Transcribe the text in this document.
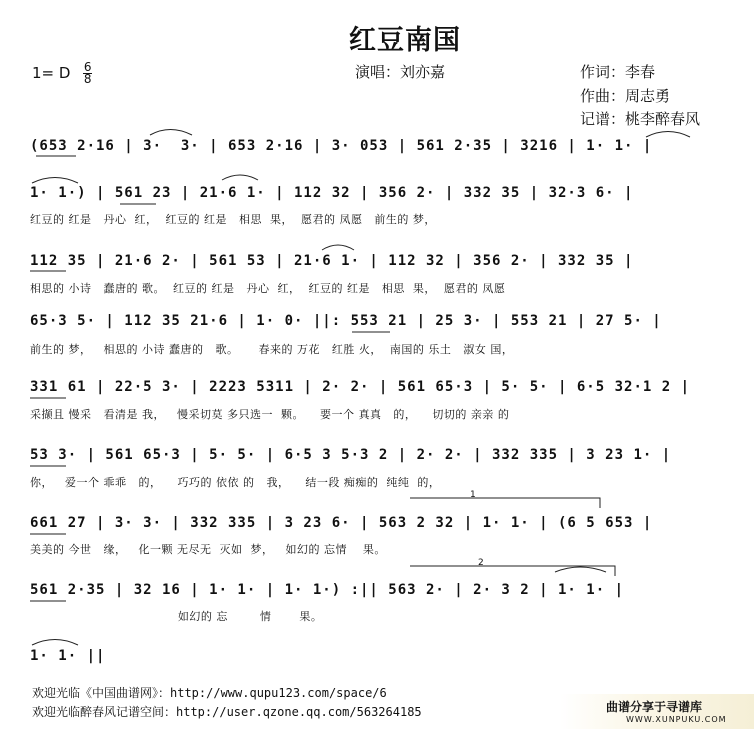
红豆南国
1= D $\frac{6}{8}$	演唱：刘亦嘉	作词：李春
作曲：周志勇
记谱：桃李醉春风
(653 2·16 | 3·  3· | 653 2·16 | 3· 053 | 561 2·35 | 3216 | 1· 1· |
1· 1·) | 561 23 | 21·6 1· | 112 32 | 356 2· | 332 35 | 32·3 6· |
红豆的 红是   丹心  红，  红豆的 红是   相思  果，  愿君的 凤愿   前生的 梦，
112 35 | 21·6 2· | 561 53 | 21·6 1· | 112 32 | 356 2· | 332 35 |
相思的 小诗   蠢唐的 歌。  红豆的 红是   丹心  红，  红豆的 红是   相思  果，  愿君的 凤愿
65·3 5· | 112 35 21·6 | 1· 0· ||: 553 21 | 25 3· | 553 21 | 27 5· |
前生的 梦，   相思的 小诗 蠢唐的   歌。     春来的 万花   红胜 火，  南国的 乐土   淑女 国，
331 61 | 22·5 3· | 2223 5311 | 2· 2· | 561 65·3 | 5· 5· | 6·5 32·1 2 |
采撷且 慢采   看清是 我，   慢采切莫 多只选一  颗。    要一个 真真   的，    切切的 亲亲 的
53 3· | 561 65·3 | 5· 5· | 6·5 3 5·3 2 | 2· 2· | 332 335 | 3 23 1· |
你，   爱一个 乖乖   的，    巧巧的 依依 的   我，    结一段 痴痴的  纯纯  的，
661 27 | 3· 3· | 332 335 | 3 23 6· | 563 2 32 | 1· 1· | (6 5 653 |
美美的 今世   缘，   化一颗 无尽无  灭如  梦，   如幻的 忘情    果。
561 2·35 | 32 16 | 1· 1· | 1· 1·) :|| 563 2· | 2· 3 2 | 1· 1· |
如幻的 忘        情       果。
1· 1· ||
1
2
欢迎光临《中国曲谱网》：http://www.qupu123.com/space/6
欢迎光临醉春风记谱空间：http://user.qzone.qq.com/563264185	曲谱分享于寻谱库
WWW.XUNPUKU.COM
